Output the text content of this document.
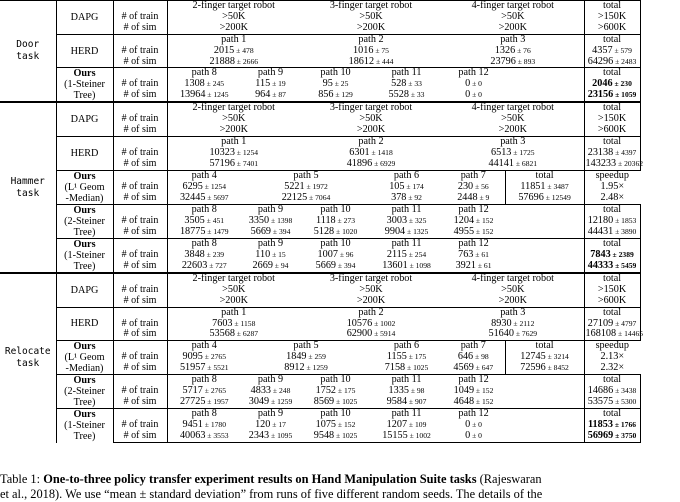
Door
task	DAPG		2-finger target robot		3-finger target robot		4-finger target robot		total	
		# of train	>50K		>50K		>50K		>150K	
		# of sim	>200K		>200K		>200K		>600K	

	HERD		path 1		path 2		path 3		total	
		# of train	2015 ± 478		1016 ± 75		1326 ± 76		4357 ± 579	
		# of sim	21888 ± 2666		18612 ± 444		23796 ± 893		64296 ± 2483	

	Ours
(1-Steiner
Tree)		path 8	path 9	path 10	path 11	path 12		total	
		# of train	1308 ± 245	115 ± 19	95 ± 25	528 ± 33	0 ± 0		2046 ± 230	
		# of sim	13964 ± 1245	964 ± 87	856 ± 129	5528 ± 33	0 ± 0		23156 ± 1059	

Hammer
task	DAPG		2-finger target robot		3-finger target robot		4-finger target robot		total	
		# of train	>50K		>50K		>50K		>150K	
		# of sim	>200K		>200K		>200K		>600K	

	HERD		path 1		path 2		path 3		total	
		# of train	10323 ± 1254		6301 ± 1418		6513 ± 1725		23138 ± 4397	
		# of sim	57196 ± 7401		41896 ± 6929		44141 ± 6821		143233 ± 20362	

	Ours
(L¹ Geom
-Median)		path 4	path 5		path 6	path 7	total	speedup	
		# of train	6295 ± 1254	5221 ± 1972		105 ± 174	230 ± 56	11851 ± 3487	1.95×	
		# of sim	32445 ± 5697	22125 ± 7064		378 ± 92	2448 ± 9	57696 ± 12549	2.48×	

	Ours
(2-Steiner
Tree)		path 8	path 9	path 10	path 11	path 12		total	
		# of train	3505 ± 451	3350 ± 1398	1118 ± 273	3003 ± 325	1204 ± 152		12180 ± 1853	
		# of sim	18775 ± 1479	5669 ± 394	5128 ± 1020	9904 ± 1325	4955 ± 152		44431 ± 3890	

	Ours
(1-Steiner
Tree)		path 8	path 9	path 10	path 11	path 12		total	
		# of train	3848 ± 239	110 ± 15	1007 ± 96	2115 ± 254	763 ± 61		7843 ± 2389	
		# of sim	22603 ± 727	2669 ± 94	5669 ± 394	13601 ± 1098	3921 ± 61		44333 ± 5459	

Relocate
task	DAPG		2-finger target robot		3-finger target robot		4-finger target robot		total	
		# of train	>50K		>50K		>50K		>150K	
		# of sim	>200K		>200K		>200K		>600K	

	HERD		path 1		path 2		path 3		total	
		# of train	7603 ± 1158		10576 ± 1002		8930 ± 2112		27109 ± 4797	
		# of sim	53568 ± 6287		62900 ± 5914		51640 ± 7629		168108 ± 14465	

	Ours
(L¹ Geom
-Median)		path 4	path 5		path 6	path 7	total	speedup	
		# of train	9095 ± 2765	1849 ± 259		1155 ± 175	646 ± 98	12745 ± 3214	2.13×	
		# of sim	51957 ± 5521	8912 ± 1259		7158 ± 1025	4569 ± 647	72596 ± 8452	2.32×	

	Ours
(2-Steiner
Tree)		path 8	path 9	path 10	path 11	path 12		total	
		# of train	5717 ± 2765	4833 ± 248	1752 ± 175	1335 ± 98	1049 ± 152		14686 ± 3438	
		# of sim	27725 ± 1957	3049 ± 1259	8569 ± 1025	9584 ± 907	4648 ± 152		53575 ± 5300	

	Ours
(1-Steiner
Tree)		path 8	path 9	path 10	path 11	path 12		total	
		# of train	9451 ± 1780	120 ± 17	1075 ± 152	1207 ± 109	0 ± 0		11853 ± 1766	
		# of sim	40063 ± 3553	2343 ± 1095	9548 ± 1025	15155 ± 1002	0 ± 0		56969 ± 3750	
Table 1: One-to-three policy transfer experiment results on Hand Manipulation Suite tasks (Rajeswaran
et al., 2018). We use “mean ± standard deviation” from runs of five different random seeds. The details of the
